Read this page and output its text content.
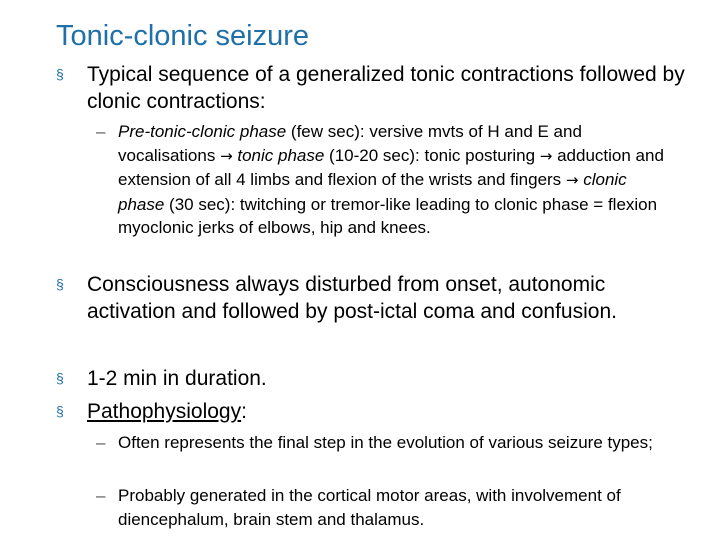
Tonic-clonic seizure
§ Typical sequence of a generalized tonic contractions followed by clonic contractions:
– Pre-tonic-clonic phase (few sec): versive mvts of H and E and vocalisations → tonic phase (10-20 sec): tonic posturing → adduction and extension of all 4 limbs and flexion of the wrists and fingers → clonic phase (30 sec): twitching or tremor-like leading to clonic phase = flexion myoclonic jerks of elbows, hip and knees.
§ Consciousness always disturbed from onset, autonomic activation and followed by post-ictal coma and confusion.
§ 1-2 min in duration.
§ Pathophysiology:
– Often represents the final step in the evolution of various seizure types;
– Probably generated in the cortical motor areas, with involvement of diencephalum, brain stem and thalamus.
